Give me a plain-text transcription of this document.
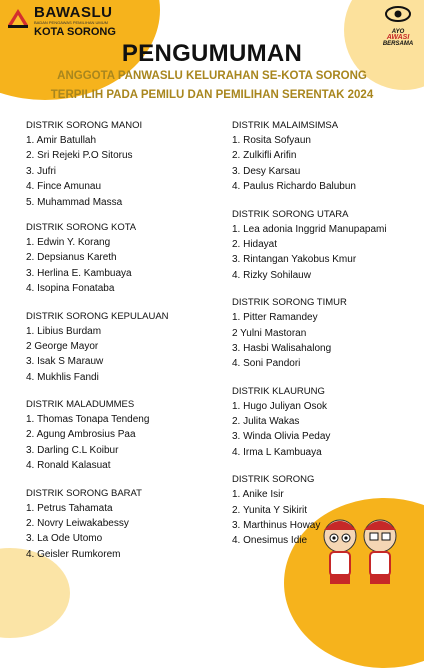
BAWASLU
BADAN PENGAWAS PEMILIHAN UMUM
KOTA SORONG	AYO
AWASI
BERSAMA
PENGUMUMAN
ANGGOTA PANWASLU KELURAHAN SE-KOTA SORONG
TERPILIH PADA PEMILU DAN PEMILIHAN SERENTAK 2024
DISTRIK SORONG MANOI
1. Amir Batullah
2. Sri Rejeki P.O Sitorus
3. Jufri
4. Fince Amunau
5. Muhammad Massa
DISTRIK SORONG KOTA
1. Edwin Y. Korang
2. Depsianus Kareth
3. Herlina E. Kambuaya
4. Isopina Fonataba
DISTRIK SORONG KEPULAUAN
1. Libius Burdam
2 George Mayor
3. Isak S Marauw
4. Mukhlis Fandi
DISTRIK MALADUMMES
1. Thomas Tonapa Tendeng
2. Agung Ambrosius Paa
3. Darling C.L Koibur
4. Ronald Kalasuat
DISTRIK SORONG BARAT
1. Petrus Tahamata
2. Novry Leiwakabessy
3. La Ode Utomo
4. Geisler Rumkorem
DISTRIK MALAIMSIMSA
1. Rosita Sofyaun
2. Zulkifli Arifin
3. Desy Karsau
4. Paulus Richardo Balubun
DISTRIK SORONG UTARA
1. Lea adonia Inggrid Manupapami
2. Hidayat
3. Rintangan Yakobus Kmur
4. Rizky Sohilauw
DISTRIK SORONG TIMUR
1. Pitter Ramandey
2 Yulni Mastoran
3. Hasbi Walisahalong
4. Soni Pandori
DISTRIK KLAURUNG
1. Hugo Juliyan Osok
2. Julita Wakas
3. Winda Olivia Peday
4. Irma L Kambuaya
DISTRIK SORONG
1. Anike Isir
2. Yunita Y Sikirit
3. Marthinus Howay
4. Onesimus Idie
